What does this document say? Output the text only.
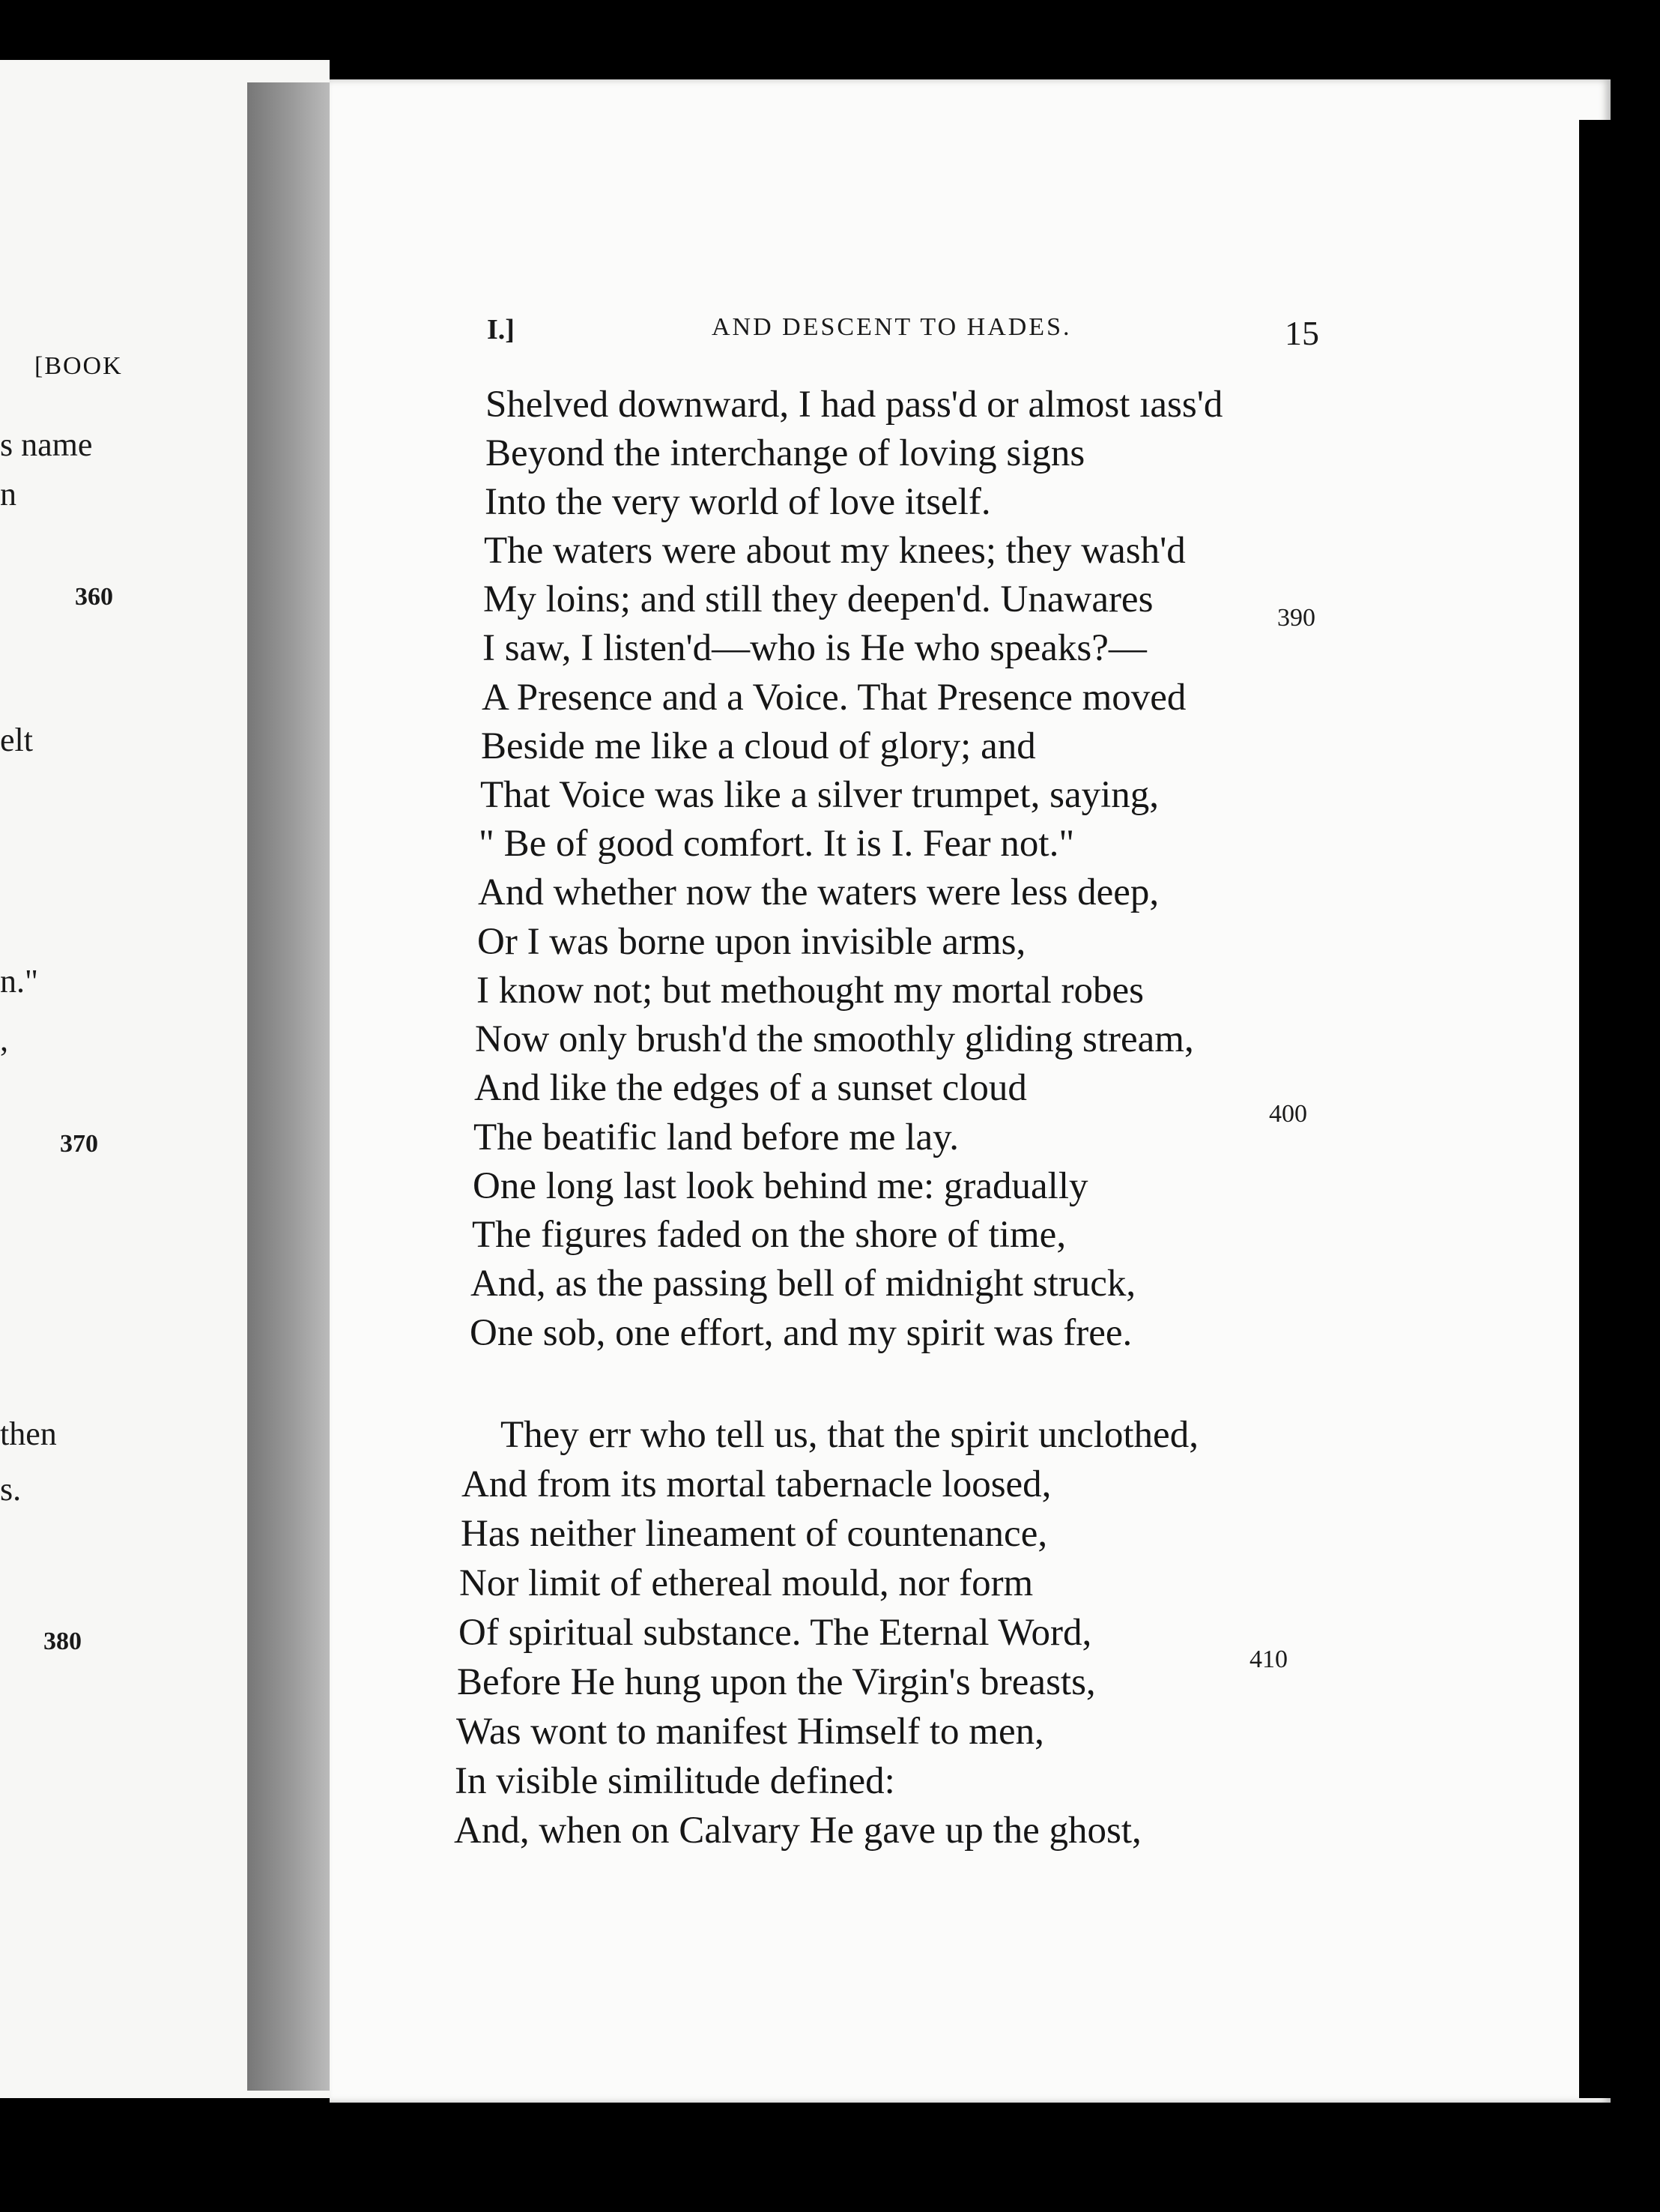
[BOOK
s name
n
elt
n."
,
then
s.
360
370
380
I.]	AND DESCENT TO HADES.	15
Shelved downward, I had pass'd or almost ıass'd
Beyond the interchange of loving signs
Into the very world of love itself.
The waters were about my knees; they wash'd
My loins; and still they deepen'd. Unawares
I saw, I listen'd—who is He who speaks?—
A Presence and a Voice. That Presence moved
Beside me like a cloud of glory; and
That Voice was like a silver trumpet, saying,
" Be of good comfort. It is I. Fear not."
And whether now the waters were less deep,
Or I was borne upon invisible arms,
I know not; but methought my mortal robes
Now only brush'd the smoothly gliding stream,
And like the edges of a sunset cloud
The beatific land before me lay.
One long last look behind me: gradually
The figures faded on the shore of time,
And, as the passing bell of midnight struck,
One sob, one effort, and my spirit was free.
They err who tell us, that the spirit unclothed,
And from its mortal tabernacle loosed,
Has neither lineament of countenance,
Nor limit of ethereal mould, nor form
Of spiritual substance. The Eternal Word,
Before He hung upon the Virgin's breasts,
Was wont to manifest Himself to men,
In visible similitude defined:
And, when on Calvary He gave up the ghost,
390
400
410
